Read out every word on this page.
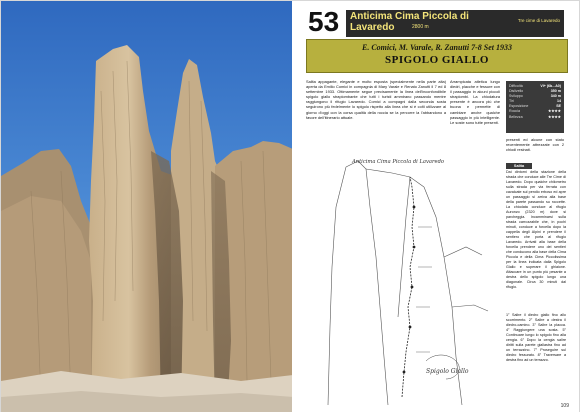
53 Anticima Cima Piccola di Lavaredo	2800 m
Tre cime di Lavaredo
E. Comici, M. Varale, R. Zanutti 7-8 Set 1933
SPIGOLO GIALLO
Salita appagante, elegante e molto esposta (specialmente nella parte alta) aperta da Emilio Comici in compagnia di Mary Varale e Renato Zanutti il 7 ed 8 settembre 1933. Ottimamente segue precisamente la linea dell'inconfondibile spigolo giallo strapiombante che tutti i turisti ammirano passando mentre raggiungono il rifugio Lavaredo. Comici a compagni dalla seconda sosta seguirono più fedelmente lo spigolo rispetto alla linea che si è colti utilizzare al giorno d'oggi con la corsa qualità della roccia se la percorre la l'abbandono a favore dell'itinerario attuale.
Arrampicata atletica lungo diedri, placche e fessure con il passaggio in alcuni piccoli strapiombi. La chiodatura presente è ancora più che buona e permette di cambiare anche qualche passaggio in più intelligente. Le soste sono tutte presenti.
Difficoltà	VI+ (6b...A0)
Dislivello	350 m
Sviluppo	340 m
Tiri	14
Esposizione	SE
Roccia	★★★★
Bellezza	★★★★
presenti ed alcune con stato recentemente attrezzate con 2 chiodi resinati.
Anticima Cima Piccola di Lavaredo
Spigolo Giallo
Salita
Dai dintorni della stazione della strada che conduce alle Tre Cime di Lavaredo. Dopo qualche chilometro sulla strada per via ferrata con cavalcate sul pendio erboso ed apre un passaggio si arriva alla base della parete passando su roccette. La chiodata conduce al rifugio Auronzo (2320 m) dove si parcheggia. Incamminarsi sulla strada carrozzabile che, in pochi minuti, conduce a forcella dopo la cappella degli Alpini e prendere il sentiero che porta al rifugio Lavaredo. Arrivati alla base della forcella prendere uno dei sentieri che conducono alla base della Cima Piccola e della Cima Piccolissima per la linea indicata dalla Spigolo Giallo e superare il ghiaione. Attaccare in un punto più pesante a destra dello spigolo lungo una diagonale. Circa 30 minuti dal rifugio.
1° Salire il diedro giallo fino allo scorrimento. 2° Salire a destra il diedro-camino. 3° Salire la placca. 4° Raggiungere una sosta. 5° Continuare lungo lo spigolo fino alla cengia. 6° Dopo la cengia salire diritti sulla parete giallastra fino ad un terrazzino. 7° Proseguire sul diedro fessurato. 8° Traversare a destra fino ad un terrazzo.
109
